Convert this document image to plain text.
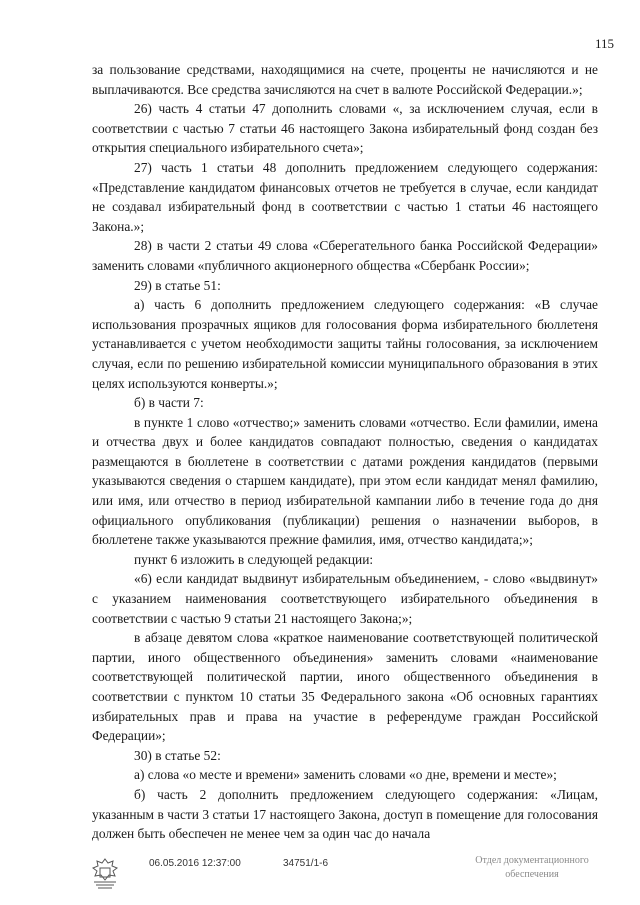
115

за пользование средствами, находящимися на счете, проценты не начисляются и не выплачиваются. Все средства зачисляются на счет в валюте Российской Федерации.»;

26) часть 4 статьи 47 дополнить словами «, за исключением случая, если в соответствии с частью 7 статьи 46 настоящего Закона избирательный фонд создан без открытия специального избирательного счета»;

27) часть 1 статьи 48 дополнить предложением следующего содержания: «Представление кандидатом финансовых отчетов не требуется в случае, если кандидат не создавал избирательный фонд в соответствии с частью 1 статьи 46 настоящего Закона.»;

28) в части 2 статьи 49 слова «Сберегательного банка Российской Федерации» заменить словами «публичного акционерного общества «Сбербанк России»;

29) в статье 51:

а) часть 6 дополнить предложением следующего содержания: «В случае использования прозрачных ящиков для голосования форма избирательного бюллетеня устанавливается с учетом необходимости защиты тайны голосования, за исключением случая, если по решению избирательной комиссии муниципального образования в этих целях используются конверты.»;

б) в части 7:

в пункте 1 слово «отчество;» заменить словами «отчество. Если фамилии, имена и отчества двух и более кандидатов совпадают полностью, сведения о кандидатах размещаются в бюллетене в соответствии с датами рождения кандидатов (первыми указываются сведения о старшем кандидате), при этом если кандидат менял фамилию, или имя, или отчество в период избирательной кампании либо в течение года до дня официального опубликования (публикации) решения о назначении выборов, в бюллетене также указываются прежние фамилия, имя, отчество кандидата;»;

пункт 6 изложить в следующей редакции:

«6) если кандидат выдвинут избирательным объединением, - слово «выдвинут» с указанием наименования соответствующего избирательного объединения в соответствии с частью 9 статьи 21 настоящего Закона;»;

в абзаце девятом слова «краткое наименование соответствующей политической партии, иного общественного объединения» заменить словами «наименование соответствующей политической партии, иного общественного объединения в соответствии с пунктом 10 статьи 35 Федерального закона «Об основных гарантиях избирательных прав и права на участие в референдуме граждан Российской Федерации»;

30) в статье 52:

а) слова «о месте и времени» заменить словами «о дне, времени и месте»;

б) часть 2 дополнить предложением следующего содержания: «Лицам, указанным в части 3 статьи 17 настоящего Закона, доступ в помещение для голосования должен быть обеспечен не менее чем за один час до начала

06.05.2016 12:37:00	34751/1-6	Отдел документационного
обеспечения
